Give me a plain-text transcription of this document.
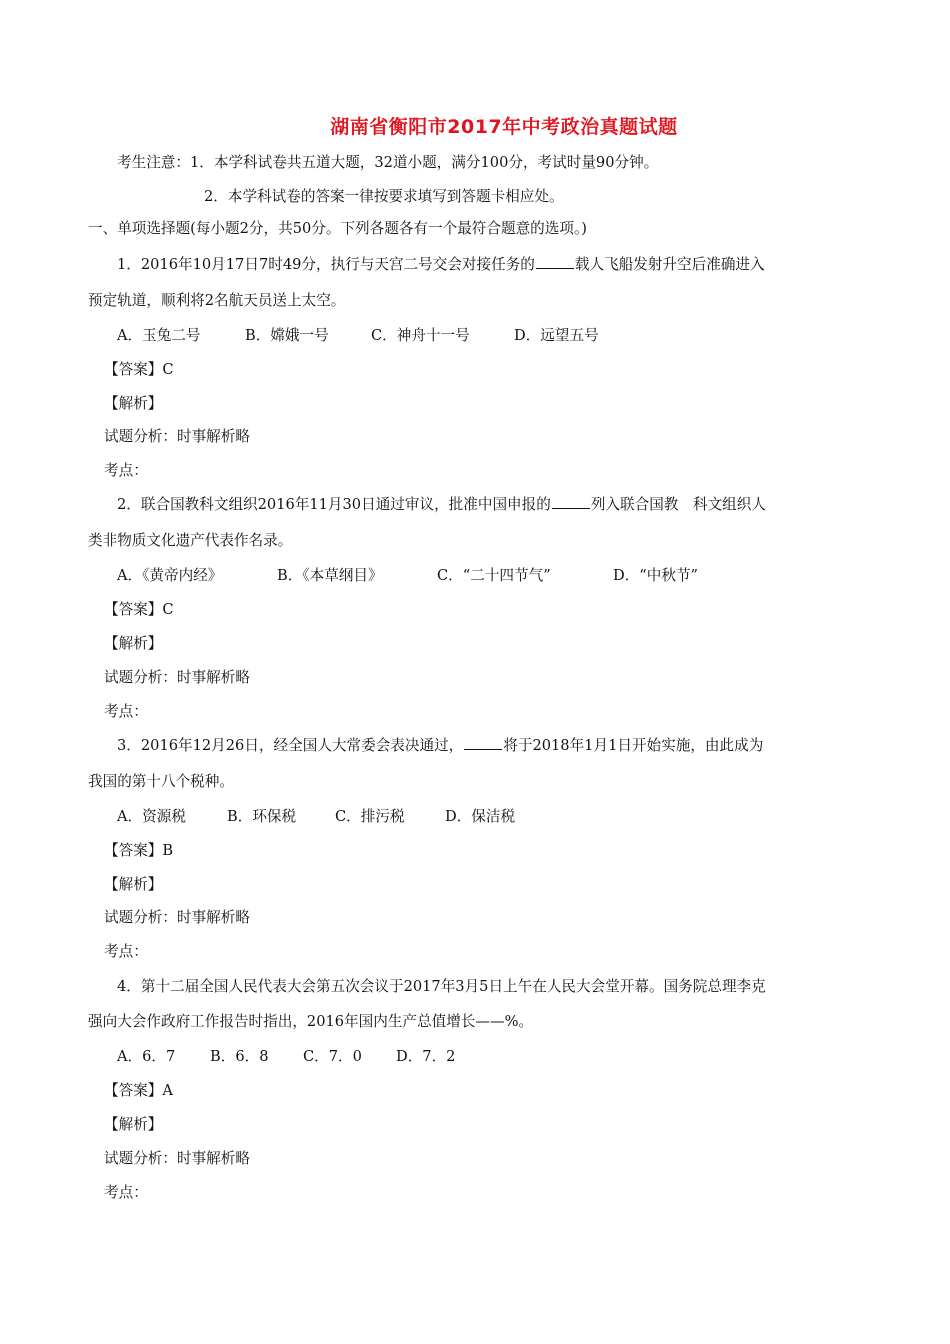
湖南省衡阳市2017年中考政治真题试题
考生注意：1．本学科试卷共五道大题，32道小题，满分100分，考试时量90分钟。
2．本学科试卷的答案一律按要求填写到答题卡相应处。
一、单项选择题(每小题2分，共50分。下列各题各有一个最符合题意的选项。)
1．2016年10月17日7时49分，执行与天宫二号交会对接任务的	载人飞船发射升空后准确进入
预定轨道，顺利将2名航天员送上太空。
A．玉兔二号	B．嫦娥一号	C．神舟十一号	D．远望五号
【答案】C
【解析】
试题分析：时事解析略
考点：
2．联合国教科文组织2016年11月30日通过审议，批准中国申报的	列入联合国教　科文组织人
类非物质文化遗产代表作名录。
A．《黄帝内经》	B．《本草纲目》	C．“二十四节气”	D．“中秋节”
【答案】C
【解析】
试题分析：时事解析略
考点：
3．2016年12月26日，经全国人大常委会表决通过，	将于2018年1月1日开始实施，由此成为
我国的第十八个税种。
A．资源税	B．环保税	C．排污税	D．保洁税
【答案】B
【解析】
试题分析：时事解析略
考点：
4．第十二届全国人民代表大会第五次会议于2017年3月5日上午在人民大会堂开幕。国务院总理李克
强向大会作政府工作报告时指出，2016年国内生产总值增长——%。
A．6．7 B．6．8 C．7．0 D．7．2
【答案】A
【解析】
试题分析：时事解析略
考点：
